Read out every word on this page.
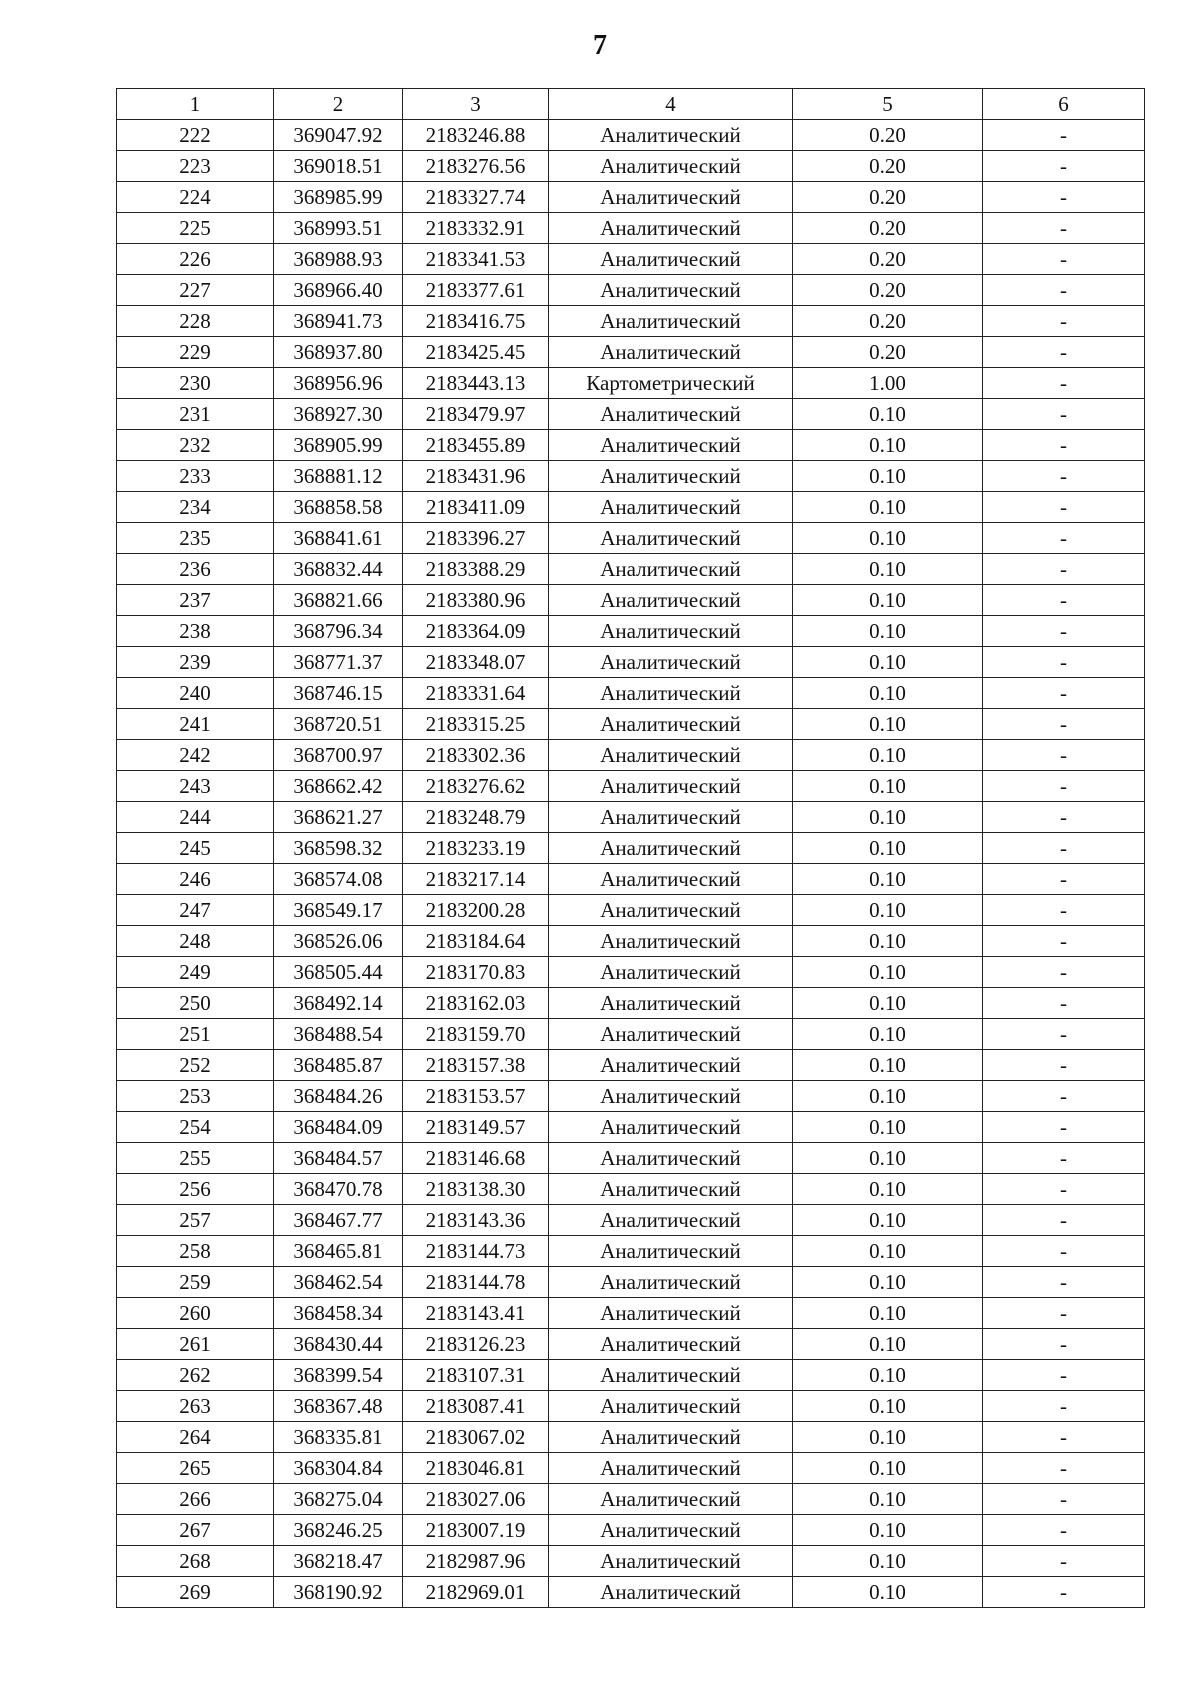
7
1	2	3	4	5	6
222	369047.92	2183246.88	Аналитический	0.20	-
223	369018.51	2183276.56	Аналитический	0.20	-
224	368985.99	2183327.74	Аналитический	0.20	-
225	368993.51	2183332.91	Аналитический	0.20	-
226	368988.93	2183341.53	Аналитический	0.20	-
227	368966.40	2183377.61	Аналитический	0.20	-
228	368941.73	2183416.75	Аналитический	0.20	-
229	368937.80	2183425.45	Аналитический	0.20	-
230	368956.96	2183443.13	Картометрический	1.00	-
231	368927.30	2183479.97	Аналитический	0.10	-
232	368905.99	2183455.89	Аналитический	0.10	-
233	368881.12	2183431.96	Аналитический	0.10	-
234	368858.58	2183411.09	Аналитический	0.10	-
235	368841.61	2183396.27	Аналитический	0.10	-
236	368832.44	2183388.29	Аналитический	0.10	-
237	368821.66	2183380.96	Аналитический	0.10	-
238	368796.34	2183364.09	Аналитический	0.10	-
239	368771.37	2183348.07	Аналитический	0.10	-
240	368746.15	2183331.64	Аналитический	0.10	-
241	368720.51	2183315.25	Аналитический	0.10	-
242	368700.97	2183302.36	Аналитический	0.10	-
243	368662.42	2183276.62	Аналитический	0.10	-
244	368621.27	2183248.79	Аналитический	0.10	-
245	368598.32	2183233.19	Аналитический	0.10	-
246	368574.08	2183217.14	Аналитический	0.10	-
247	368549.17	2183200.28	Аналитический	0.10	-
248	368526.06	2183184.64	Аналитический	0.10	-
249	368505.44	2183170.83	Аналитический	0.10	-
250	368492.14	2183162.03	Аналитический	0.10	-
251	368488.54	2183159.70	Аналитический	0.10	-
252	368485.87	2183157.38	Аналитический	0.10	-
253	368484.26	2183153.57	Аналитический	0.10	-
254	368484.09	2183149.57	Аналитический	0.10	-
255	368484.57	2183146.68	Аналитический	0.10	-
256	368470.78	2183138.30	Аналитический	0.10	-
257	368467.77	2183143.36	Аналитический	0.10	-
258	368465.81	2183144.73	Аналитический	0.10	-
259	368462.54	2183144.78	Аналитический	0.10	-
260	368458.34	2183143.41	Аналитический	0.10	-
261	368430.44	2183126.23	Аналитический	0.10	-
262	368399.54	2183107.31	Аналитический	0.10	-
263	368367.48	2183087.41	Аналитический	0.10	-
264	368335.81	2183067.02	Аналитический	0.10	-
265	368304.84	2183046.81	Аналитический	0.10	-
266	368275.04	2183027.06	Аналитический	0.10	-
267	368246.25	2183007.19	Аналитический	0.10	-
268	368218.47	2182987.96	Аналитический	0.10	-
269	368190.92	2182969.01	Аналитический	0.10	-
